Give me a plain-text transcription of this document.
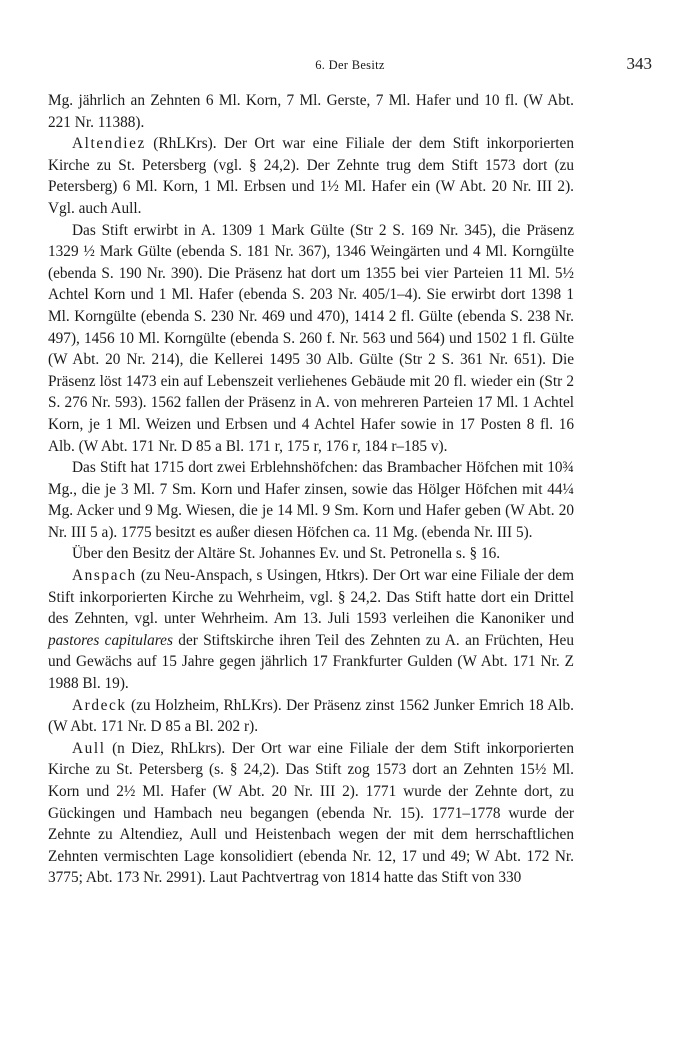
6. Der Besitz	343

Mg. jährlich an Zehnten 6 Ml. Korn, 7 Ml. Gerste, 7 Ml. Hafer und 10 fl. (W Abt. 221 Nr. 11388).

Altendiez (RhLKrs). Der Ort war eine Filiale der dem Stift inkorporierten Kirche zu St. Petersberg (vgl. § 24,2). Der Zehnte trug dem Stift 1573 dort (zu Petersberg) 6 Ml. Korn, 1 Ml. Erbsen und 1½ Ml. Hafer ein (W Abt. 20 Nr. III 2). Vgl. auch Aull.

Das Stift erwirbt in A. 1309 1 Mark Gülte (Str 2 S. 169 Nr. 345), die Präsenz 1329 ½ Mark Gülte (ebenda S. 181 Nr. 367), 1346 Weingärten und 4 Ml. Korngülte (ebenda S. 190 Nr. 390). Die Präsenz hat dort um 1355 bei vier Parteien 11 Ml. 5½ Achtel Korn und 1 Ml. Hafer (ebenda S. 203 Nr. 405/1–4). Sie erwirbt dort 1398 1 Ml. Korngülte (ebenda S. 230 Nr. 469 und 470), 1414 2 fl. Gülte (ebenda S. 238 Nr. 497), 1456 10 Ml. Korngülte (ebenda S. 260 f. Nr. 563 und 564) und 1502 1 fl. Gülte (W Abt. 20 Nr. 214), die Kellerei 1495 30 Alb. Gülte (Str 2 S. 361 Nr. 651). Die Präsenz löst 1473 ein auf Lebenszeit verliehenes Gebäude mit 20 fl. wieder ein (Str 2 S. 276 Nr. 593). 1562 fallen der Präsenz in A. von mehreren Parteien 17 Ml. 1 Achtel Korn, je 1 Ml. Weizen und Erbsen und 4 Achtel Hafer sowie in 17 Posten 8 fl. 16 Alb. (W Abt. 171 Nr. D 85 a Bl. 171 r, 175 r, 176 r, 184 r–185 v).

Das Stift hat 1715 dort zwei Erblehnshöfchen: das Brambacher Höfchen mit 10¾ Mg., die je 3 Ml. 7 Sm. Korn und Hafer zinsen, sowie das Hölger Höfchen mit 44¼ Mg. Acker und 9 Mg. Wiesen, die je 14 Ml. 9 Sm. Korn und Hafer geben (W Abt. 20 Nr. III 5 a). 1775 besitzt es außer diesen Höfchen ca. 11 Mg. (ebenda Nr. III 5).

Über den Besitz der Altäre St. Johannes Ev. und St. Petronella s. § 16.

Anspach (zu Neu-Anspach, s Usingen, Htkrs). Der Ort war eine Filiale der dem Stift inkorporierten Kirche zu Wehrheim, vgl. § 24,2. Das Stift hatte dort ein Drittel des Zehnten, vgl. unter Wehrheim. Am 13. Juli 1593 verleihen die Kanoniker und pastores capitulares der Stiftskirche ihren Teil des Zehnten zu A. an Früchten, Heu und Gewächs auf 15 Jahre gegen jährlich 17 Frankfurter Gulden (W Abt. 171 Nr. Z 1988 Bl. 19).

Ardeck (zu Holzheim, RhLKrs). Der Präsenz zinst 1562 Junker Emrich 18 Alb. (W Abt. 171 Nr. D 85 a Bl. 202 r).

Aull (n Diez, RhLkrs). Der Ort war eine Filiale der dem Stift inkorporierten Kirche zu St. Petersberg (s. § 24,2). Das Stift zog 1573 dort an Zehnten 15½ Ml. Korn und 2½ Ml. Hafer (W Abt. 20 Nr. III 2). 1771 wurde der Zehnte dort, zu Gückingen und Hambach neu begangen (ebenda Nr. 15). 1771–1778 wurde der Zehnte zu Altendiez, Aull und Heistenbach wegen der mit dem herrschaftlichen Zehnten vermischten Lage konsolidiert (ebenda Nr. 12, 17 und 49; W Abt. 172 Nr. 3775; Abt. 173 Nr. 2991). Laut Pachtvertrag von 1814 hatte das Stift von 330
